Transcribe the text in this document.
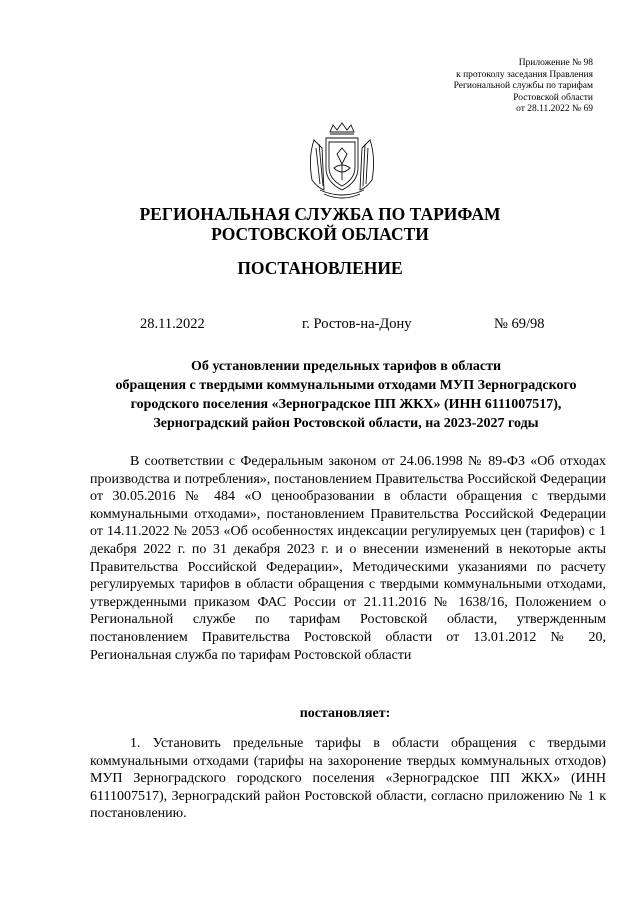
Приложение № 98
к протоколу заседания Правления
Региональной службы по тарифам
Ростовской области
от 28.11.2022 № 69
РЕГИОНАЛЬНАЯ СЛУЖБА ПО ТАРИФАМ
РОСТОВСКОЙ ОБЛАСТИ
ПОСТАНОВЛЕНИЕ
28.11.2022	г. Ростов-на-Дону	№ 69/98
Об установлении предельных тарифов в области
обращения с твердыми коммунальными отходами МУП Зерноградского
городского поселения «Зерноградское ПП ЖКХ» (ИНН 6111007517),
Зерноградский район Ростовской области, на 2023-2027 годы

В соответствии с Федеральным законом от 24.06.1998 № 89-ФЗ «Об отходах производства и потребления», постановлением Правительства Российской Федерации от 30.05.2016 № 484 «О ценообразовании в области обращения с твердыми коммунальными отходами», постановлением Правительства Российской Федерации от 14.11.2022 № 2053 «Об особенностях индексации регулируемых цен (тарифов) с 1 декабря 2022 г. по 31 декабря 2023 г. и о внесении изменений в некоторые акты Правительства Российской Федерации», Методическими указаниями по расчету регулируемых тарифов в области обращения с твердыми коммунальными отходами, утвержденными приказом ФАС России от 21.11.2016 № 1638/16, Положением о Региональной службе по тарифам Ростовской области, утвержденным постановлением Правительства Ростовской области от 13.01.2012 № 20, Региональная служба по тарифам Ростовской области

постановляет:

1. Установить предельные тарифы в области обращения с твердыми коммунальными отходами (тарифы на захоронение твердых коммунальных отходов) МУП Зерноградского городского поселения «Зерноградское ПП ЖКХ» (ИНН 6111007517), Зерноградский район Ростовской области, согласно приложению № 1 к постановлению.
